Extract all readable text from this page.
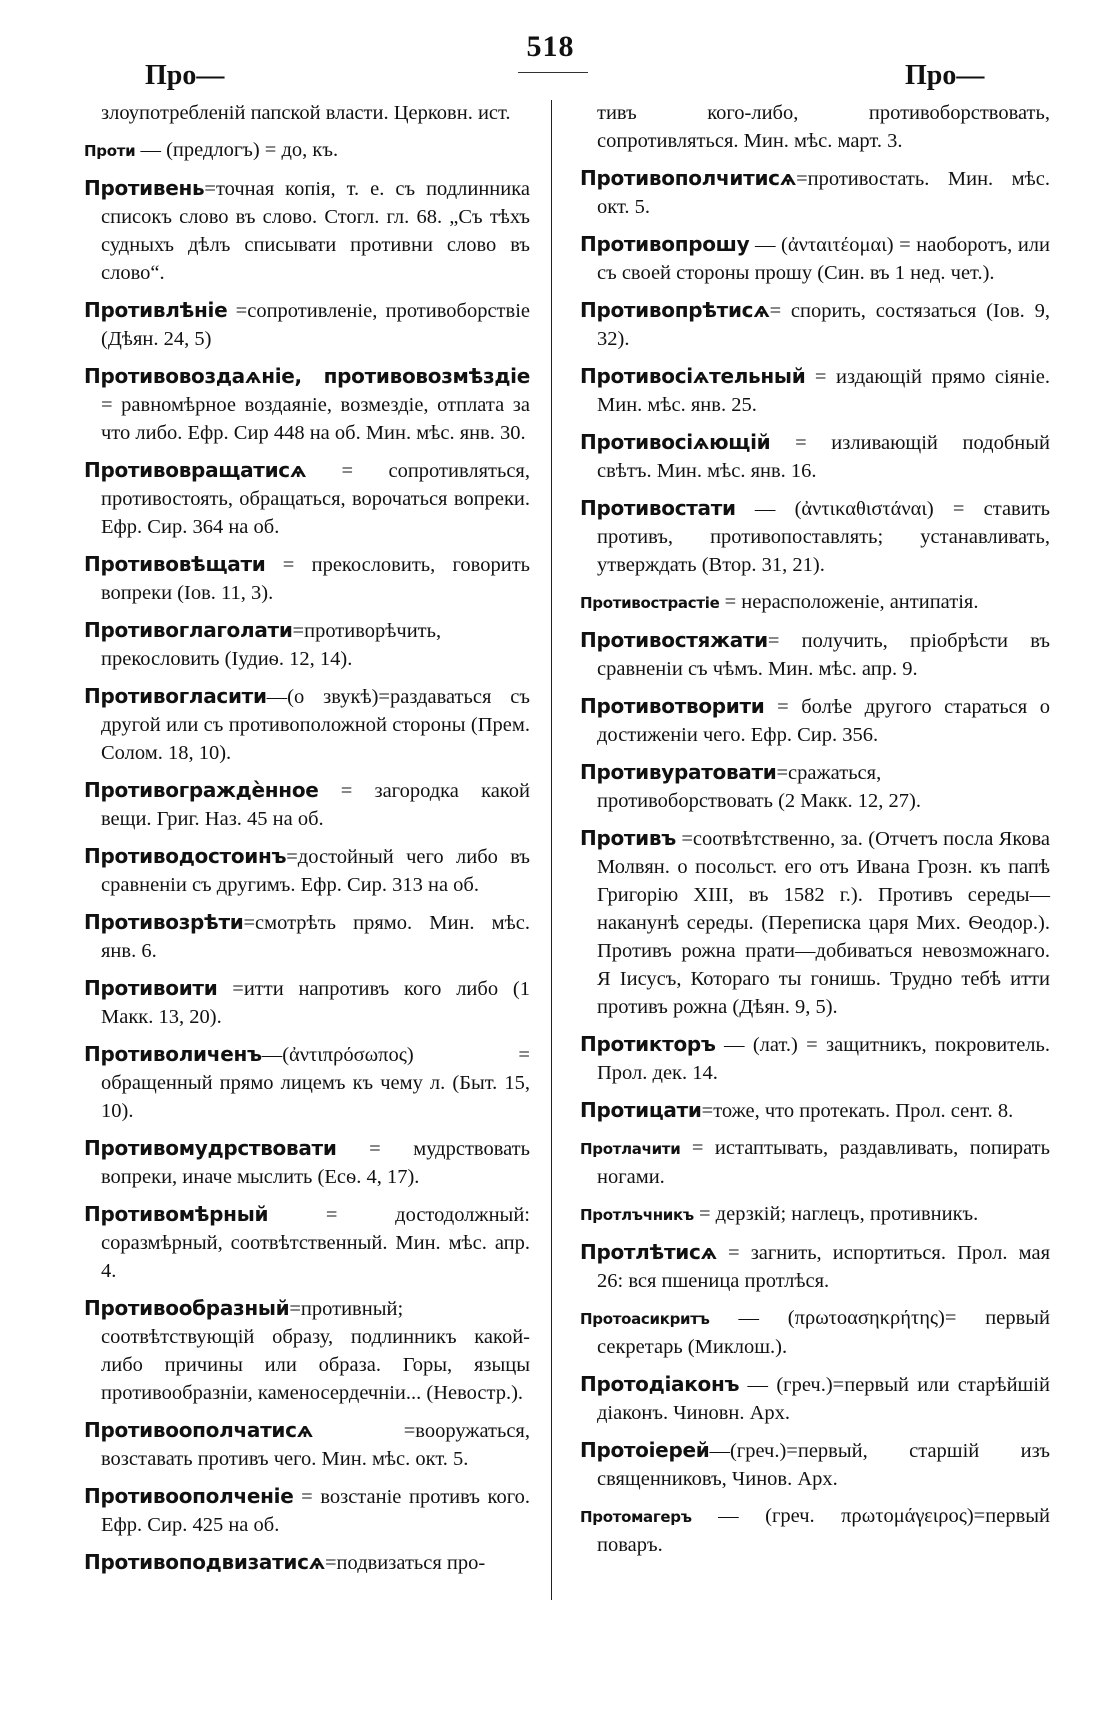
518
Про—	Про—

злоупотребленій папской власти. Церковн. ист.

Проти — (предлогъ) = до, къ.

Противень=точная копія, т. е. съ подлинника списокъ слово въ слово. Стогл. гл. 68. „Съ тѣхъ судныхъ дѣлъ списывати противни слово въ слово“.

Противлѣніе =сопротивленіе, противоборствіе (Дѣян. 24, 5)

Противовоздаѧніе, противовозмѣздіе = равномѣрное воздаяніе, возмездіе, отплата за что либо. Ефр. Сир 448 на об. Мин. мѣс. янв. 30.

Противовращатисѧ = сопротивляться, противостоять, обращаться, ворочаться вопреки. Ефр. Сир. 364 на об.

Противовѣщати = прекословить, говорить вопреки (Іов. 11, 3).

Противоглаголати=противорѣчить, прекословить (Іудиѳ. 12, 14).

Противогласити—(о звукѣ)=раздаваться съ другой или съ противоположной стороны (Прем. Солом. 18, 10).

Противограждѐнное = загородка какой вещи. Григ. Наз. 45 на об.

Противодостоинъ=достойный чего либо въ сравненіи съ другимъ. Ефр. Сир. 313 на об.

Противозрѣти=смотрѣть прямо. Мин. мѣс. янв. 6.

Противоити =итти напротивъ кого либо (1 Макк. 13, 20).

Противоличенъ—(ἀντιπρόσωπος) = обращенный прямо лицемъ къ чему л. (Быт. 15, 10).

Противомудрствовати = мудрствовать вопреки, иначе мыслить (Есѳ. 4, 17).

Противомѣрный = достодолжный: соразмѣрный, соотвѣтственный. Мин. мѣс. апр. 4.

Противообразный=противный; соотвѣтствующій образу, подлинникъ какой-либо причины или образа. Горы, языцы противообразніи, каменосердечніи... (Невостр.).

Противоополчатисѧ =вооружаться, возставать противъ чего. Мин. мѣс. окт. 5.

Противоополченіе = возстаніе противъ кого. Ефр. Сир. 425 на об.

Противоподвизатисѧ=подвизаться про-

тивъ кого-либо, противоборствовать, сопротивляться. Мин. мѣс. март. 3.

Противополчитисѧ=противостать. Мин. мѣс. окт. 5.

Противопрошу — (ἀνταιτέομαι) = наоборотъ, или съ своей стороны прошу (Син. въ 1 нед. чет.).

Противопрѣтисѧ= спорить, состязаться (Іов. 9, 32).

Противосіѧтельный = издающій прямо сіяніе. Мин. мѣс. янв. 25.

Противосіѧющій = изливающій подобный свѣтъ. Мин. мѣс. янв. 16.

Противостати — (ἀντικαθιστάναι) = ставить противъ, противопоставлять; устанавливать, утверждать (Втор. 31, 21).

Противострастіе = нерасположеніе, антипатія.

Противостяжати= получить, пріобрѣсти въ сравненіи съ чѣмъ. Мин. мѣс. апр. 9.

Противотворити = болѣе другого стараться о достиженіи чего. Ефр. Сир. 356.

Противуратовати=сражаться, противоборствовать (2 Макк. 12, 27).

Противъ =соотвѣтственно, за. (Отчетъ посла Якова Молвян. о посольст. его отъ Ивана Грозн. къ папѣ Григорію XIII, въ 1582 г.). Противъ середы— наканунѣ середы. (Переписка царя Мих. Ѳеодор.). Противъ рожна прати—добиваться невозможнаго. Я Іисусъ, Котораго ты гонишь. Трудно тебѣ итти противъ рожна (Дѣян. 9, 5).

Протикторъ — (лат.) = защитникъ, покровитель. Прол. дек. 14.

Протицати=тоже, что протекать. Прол. сент. 8.

Протлачити = истаптывать, раздавливать, попирать ногами.

Протлъчникъ = дерзкій; наглецъ, противникъ.

Протлѣтисѧ = загнить, испортиться. Прол. мая 26: вся пшеница протлѣся.

Протоасикритъ — (πρωτοασηκρήτης)= первый секретарь (Миклош.).

Протодіаконъ — (греч.)=первый или старѣйшій діаконъ. Чиновн. Арх.

Протоіерей—(греч.)=первый, старшій изъ священниковъ, Чинов. Арх.

Протомагеръ — (греч. πρωτομάγειρος)=первый поваръ.
